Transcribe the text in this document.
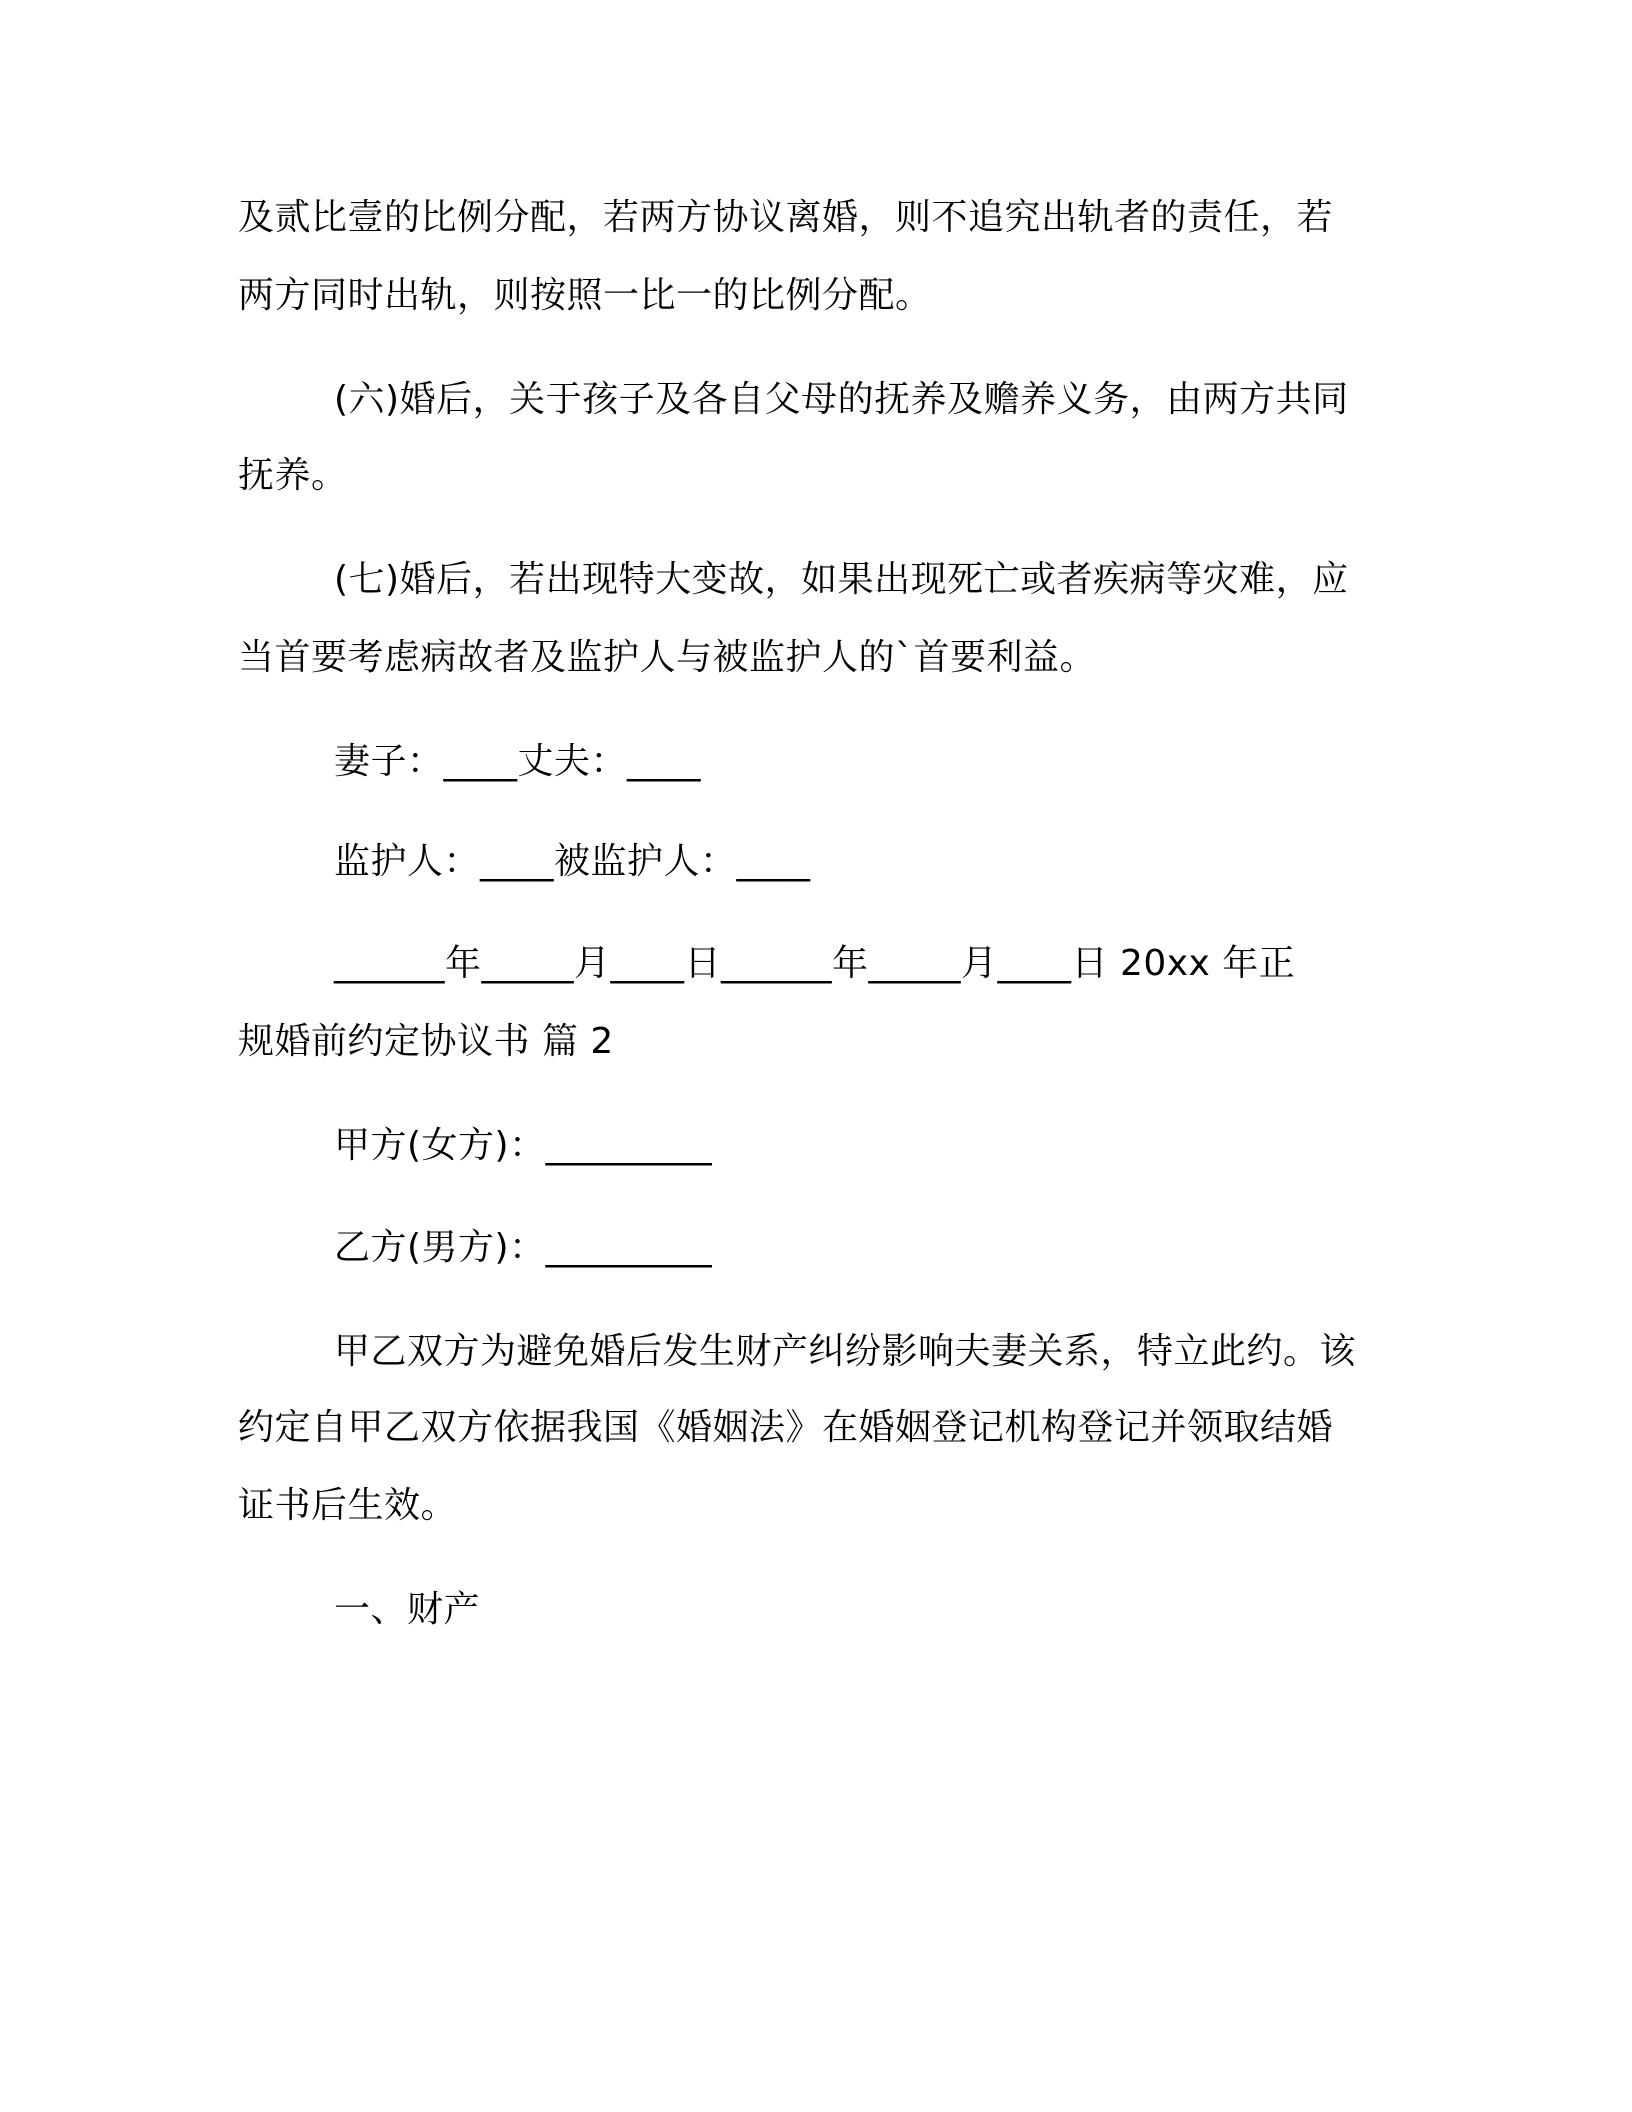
及贰比壹的比例分配，若两方协议离婚，则不追究出轨者的责任，若
两方同时出轨，则按照一比一的比例分配。
(六)婚后，关于孩子及各自父母的抚养及赡养义务，由两方共同
抚养。
(七)婚后，若出现特大变故，如果出现死亡或者疾病等灾难，应
当首要考虑病故者及监护人与被监护人的`首要利益。
妻子：____丈夫：____
监护人：____被监护人：____
______年_____月____日______年_____月____日 20xx 年正
规婚前约定协议书 篇 2
甲方(女方)：_________
乙方(男方)：_________
甲乙双方为避免婚后发生财产纠纷影响夫妻关系，特立此约。该
约定自甲乙双方依据我国《婚姻法》在婚姻登记机构登记并领取结婚
证书后生效。
一、财产
